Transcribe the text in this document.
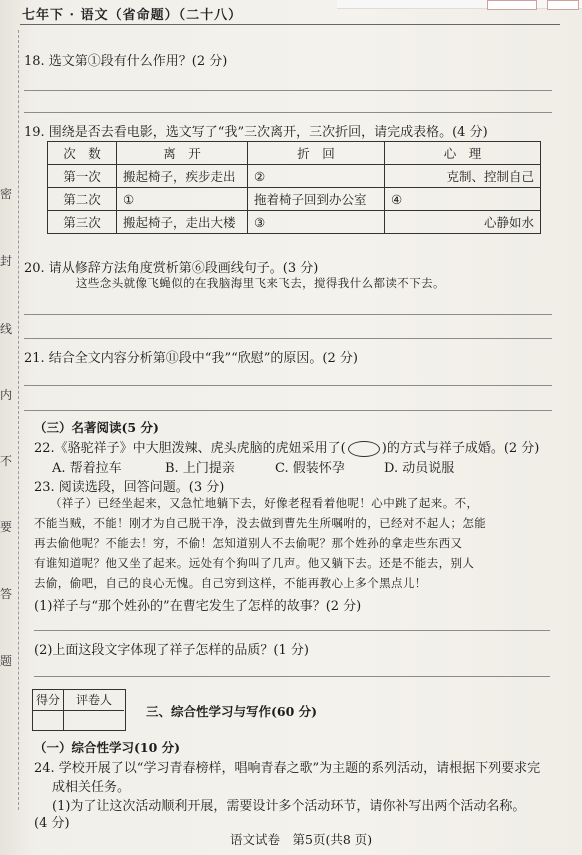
七年下 · 语文（省命题）（二十八）
密
封
线
内
不
要
答
题
18. 选文第①段有什么作用？(2 分)
19. 围绕是否去看电影，选文写了“我”三次离开，三次折回，请完成表格。(4 分)
次　数	离　开	折　回	心　理
第一次	搬起椅子，疾步走出	②	克制、控制自己
第二次	①	拖着椅子回到办公室	④
第三次	搬起椅子，走出大楼	③	心静如水
20. 请从修辞方法角度赏析第⑥段画线句子。(3 分)
这些念头就像飞蝇似的在我脑海里飞来飞去，搅得我什么都读不下去。
21. 结合全文内容分析第⑪段中“我”“欣慰”的原因。(2 分)
（三）名著阅读(5 分)
22.《骆驼祥子》中大胆泼辣、虎头虎脑的虎妞采用了(	)的方式与祥子成婚。(2 分)
A. 帮着拉车	B. 上门提亲	C. 假装怀孕	D. 动员说服
23. 阅读选段，回答问题。(3 分)
（祥子）已经坐起来，又急忙地躺下去，好像老程看着他呢！心中跳了起来。不，
不能当贼，不能！刚才为自己脱干净，没去做到曹先生所嘱咐的，已经对不起人；怎能
再去偷他呢？不能去！穷，不偷！怎知道别人不去偷呢？那个姓孙的拿走些东西又
有谁知道呢？他又坐了起来。远处有个狗叫了几声。他又躺下去。还是不能去，别人
去偷，偷吧，自己的良心无愧。自己穷到这样，不能再教心上多个黑点儿！
(1)祥子与“那个姓孙的”在曹宅发生了怎样的故事？(2 分)
(2)上面这段文字体现了祥子怎样的品质？(1 分)
得分	评卷人
三、综合性学习与写作(60 分)
（一）综合性学习(10 分)
24. 学校开展了以“学习青春榜样，唱响青春之歌”为主题的系列活动，请根据下列要求完
成相关任务。
(1)为了让这次活动顺利开展，需要设计多个活动环节，请你补写出两个活动名称。
(4 分)
语文试卷　第5页(共8 页)
